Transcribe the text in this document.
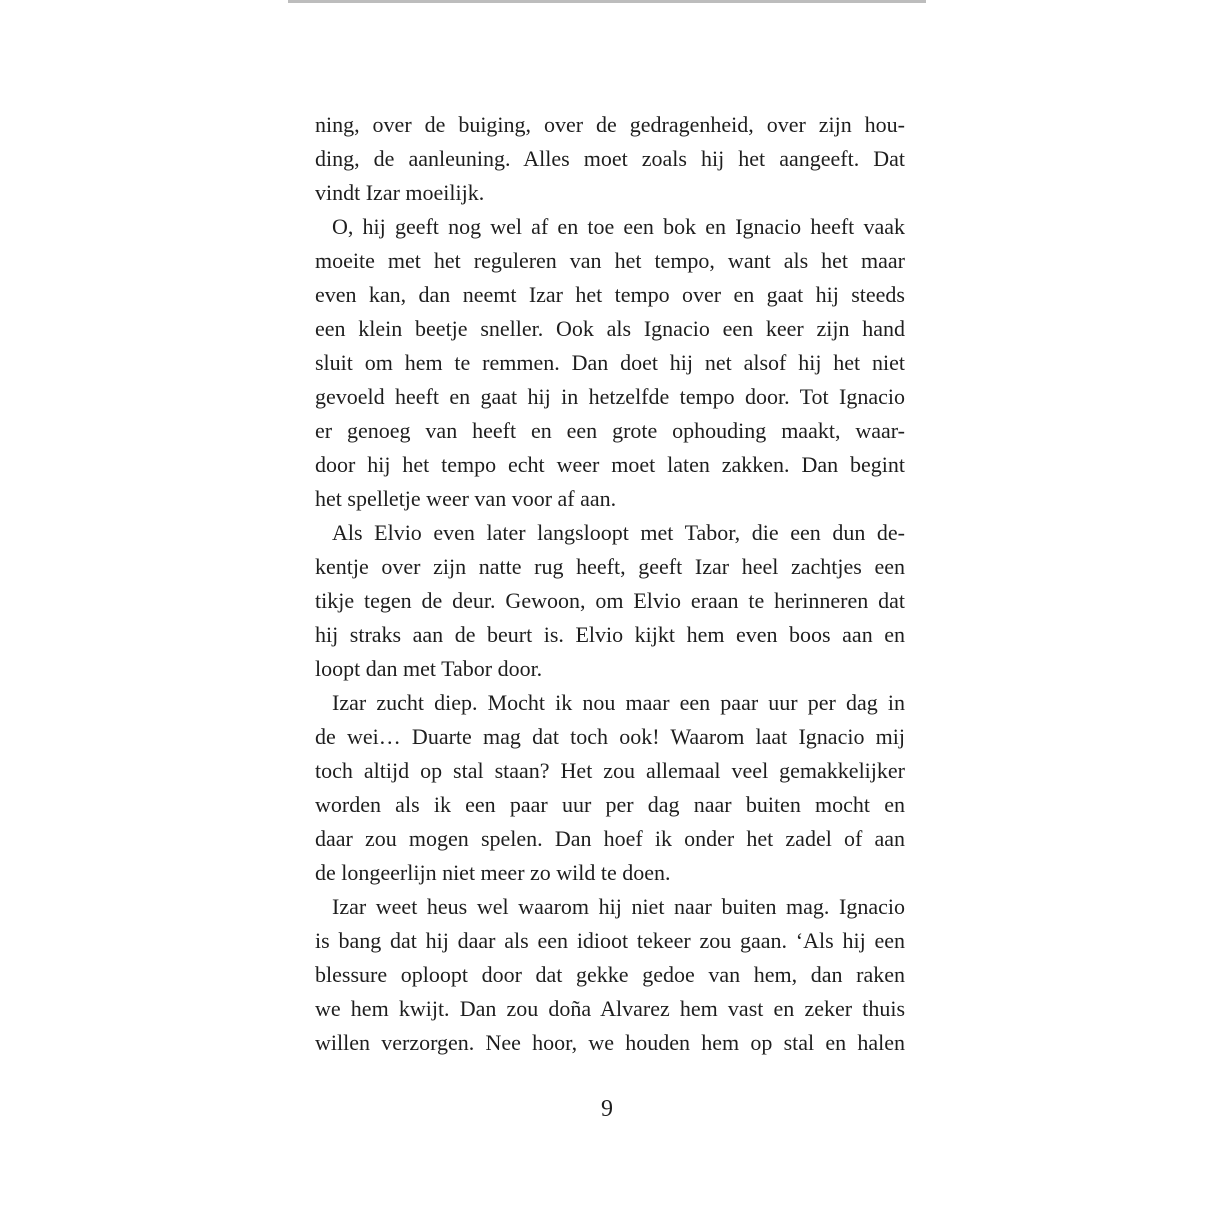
ning, over de buiging, over de gedragenheid, over zijn hou-
ding, de aanleuning. Alles moet zoals hij het aangeeft. Dat
vindt Izar moeilijk.
O, hij geeft nog wel af en toe een bok en Ignacio heeft vaak
moeite met het reguleren van het tempo, want als het maar
even kan, dan neemt Izar het tempo over en gaat hij steeds
een klein beetje sneller. Ook als Ignacio een keer zijn hand
sluit om hem te remmen. Dan doet hij net alsof hij het niet
gevoeld heeft en gaat hij in hetzelfde tempo door. Tot Ignacio
er genoeg van heeft en een grote ophouding maakt, waar-
door hij het tempo echt weer moet laten zakken. Dan begint
het spelletje weer van voor af aan.
Als Elvio even later langsloopt met Tabor, die een dun de-
kentje over zijn natte rug heeft, geeft Izar heel zachtjes een
tikje tegen de deur. Gewoon, om Elvio eraan te herinneren dat
hij straks aan de beurt is. Elvio kijkt hem even boos aan en
loopt dan met Tabor door.
Izar zucht diep. Mocht ik nou maar een paar uur per dag in
de wei… Duarte mag dat toch ook! Waarom laat Ignacio mij
toch altijd op stal staan? Het zou allemaal veel gemakkelijker
worden als ik een paar uur per dag naar buiten mocht en
daar zou mogen spelen. Dan hoef ik onder het zadel of aan
de longeerlijn niet meer zo wild te doen.
Izar weet heus wel waarom hij niet naar buiten mag. Ignacio
is bang dat hij daar als een idioot tekeer zou gaan. ‘Als hij een
blessure oploopt door dat gekke gedoe van hem, dan raken
we hem kwijt. Dan zou doña Alvarez hem vast en zeker thuis
willen verzorgen. Nee hoor, we houden hem op stal en halen
9
